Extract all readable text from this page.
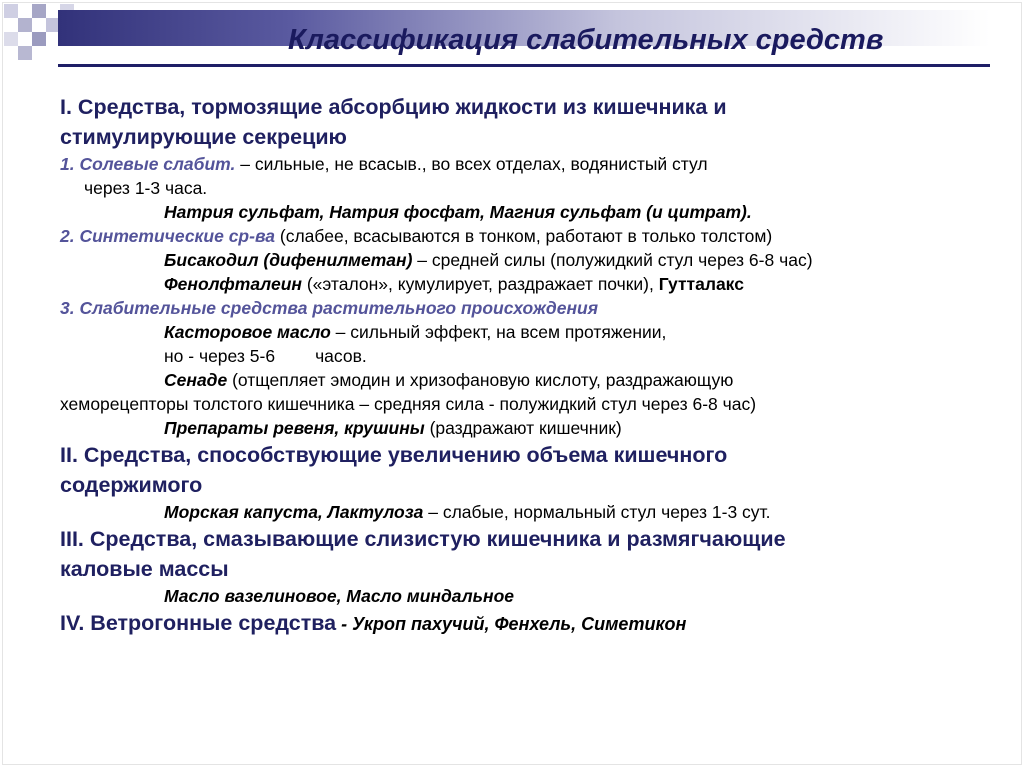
Классификация слабительных средств
I. Средства, тормозящие абсорбцию жидкости из кишечника и
стимулирующие секрецию
1. Солевые слабит. – сильные, не всасыв., во всех отделах, водянистый стул
через 1-3 часа.
Натрия сульфат, Натрия фосфат, Магния сульфат (и цитрат).
2. Синтетические ср-ва (слабее, всасываются в тонком, работают в только толстом)
Бисакодил (дифенилметан) – средней силы (полужидкий стул через 6-8 час)
Фенолфталеин («эталон», кумулирует, раздражает почки), Гутталакс
3. Слабительные средства растительного происхождения
Касторовое масло – сильный эффект, на всем протяжении,
но - через 5-6 часов.
Сенаде (отщепляет эмодин и хризофановую кислоту, раздражающую
хеморецепторы толстого кишечника – средняя сила - полужидкий стул через 6-8 час)
Препараты ревеня, крушины (раздражают кишечник)
II. Средства, способствующие увеличению объема кишечного
содержимого
Морская капуста, Лактулоза – слабые, нормальный стул через 1-3 сут.
III. Средства, смазывающие слизистую кишечника и размягчающие
каловые массы
Масло вазелиновое, Масло миндальное
IV. Ветрогонные средства - Укроп пахучий, Фенхель, Симетикон
